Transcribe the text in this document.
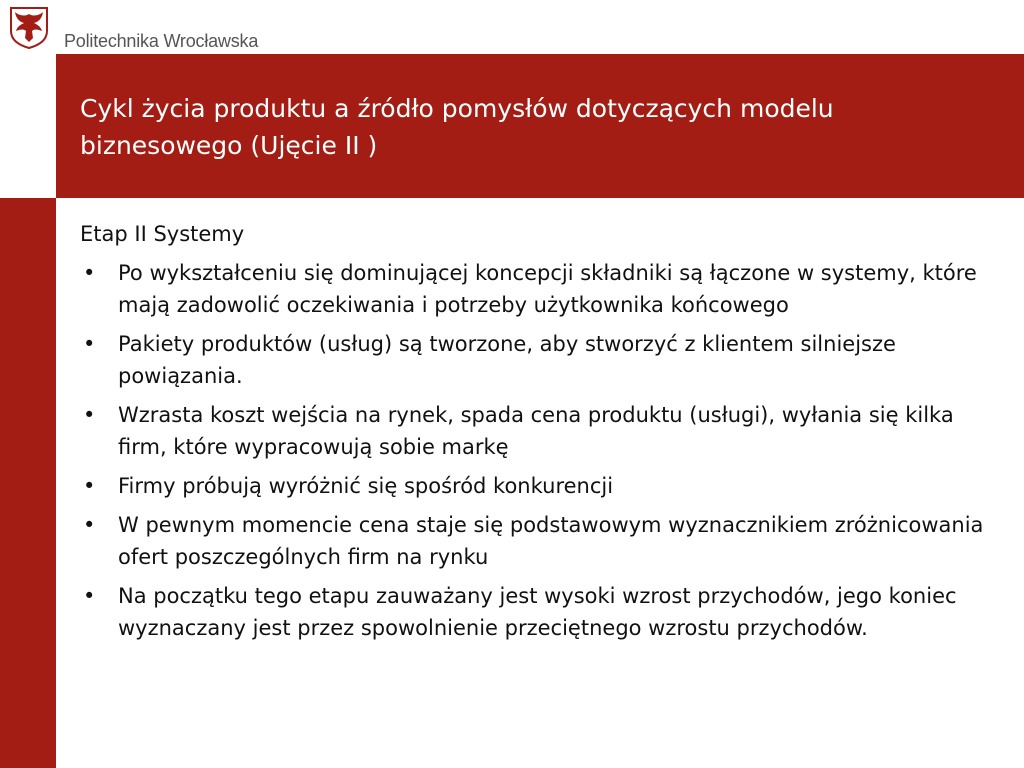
Politechnika Wrocławska
Cykl życia produktu a źródło pomysłów dotyczących modelu biznesowego (Ujęcie II )
Etap II Systemy
• Po wykształceniu się dominującej koncepcji składniki są łączone w systemy, które mają zadowolić oczekiwania i potrzeby użytkownika końcowego
• Pakiety produktów (usług) są tworzone, aby stworzyć z klientem silniejsze powiązania.
• Wzrasta koszt wejścia na rynek, spada cena produktu (usługi), wyłania się kilka firm, które wypracowują sobie markę
• Firmy próbują wyróżnić się spośród konkurencji
• W pewnym momencie cena staje się podstawowym wyznacznikiem zróżnicowania ofert poszczególnych firm na rynku
• Na początku tego etapu zauważany jest wysoki wzrost przychodów, jego koniec wyznaczany jest przez spowolnienie przeciętnego wzrostu przychodów.
